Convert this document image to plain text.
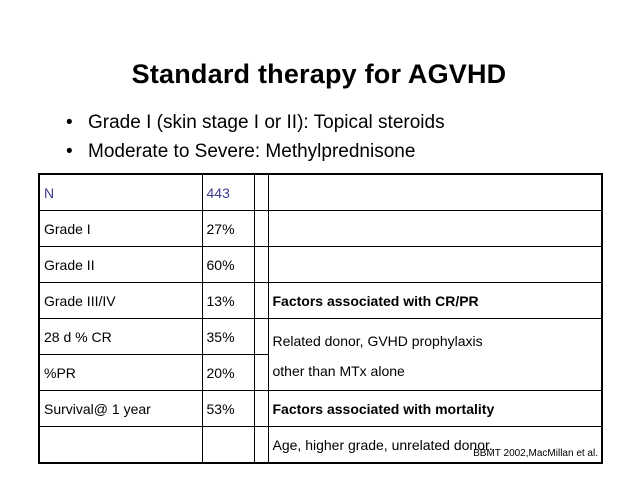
Standard therapy for AGVHD
• Grade I (skin stage I or II): Topical steroids
• Moderate to Severe: Methylprednisone
N	443		
Grade I	27%		
Grade II	60%		
Grade III/IV	13%		Factors associated with CR/PR
28 d % CR	35%		Related donor, GVHD prophylaxis
other than MTx alone

%PR	20%		
Survival@ 1 year	53%		Factors associated with mortality
			Age, higher grade, unrelated donor.
BBMT 2002,MacMillan et al.
